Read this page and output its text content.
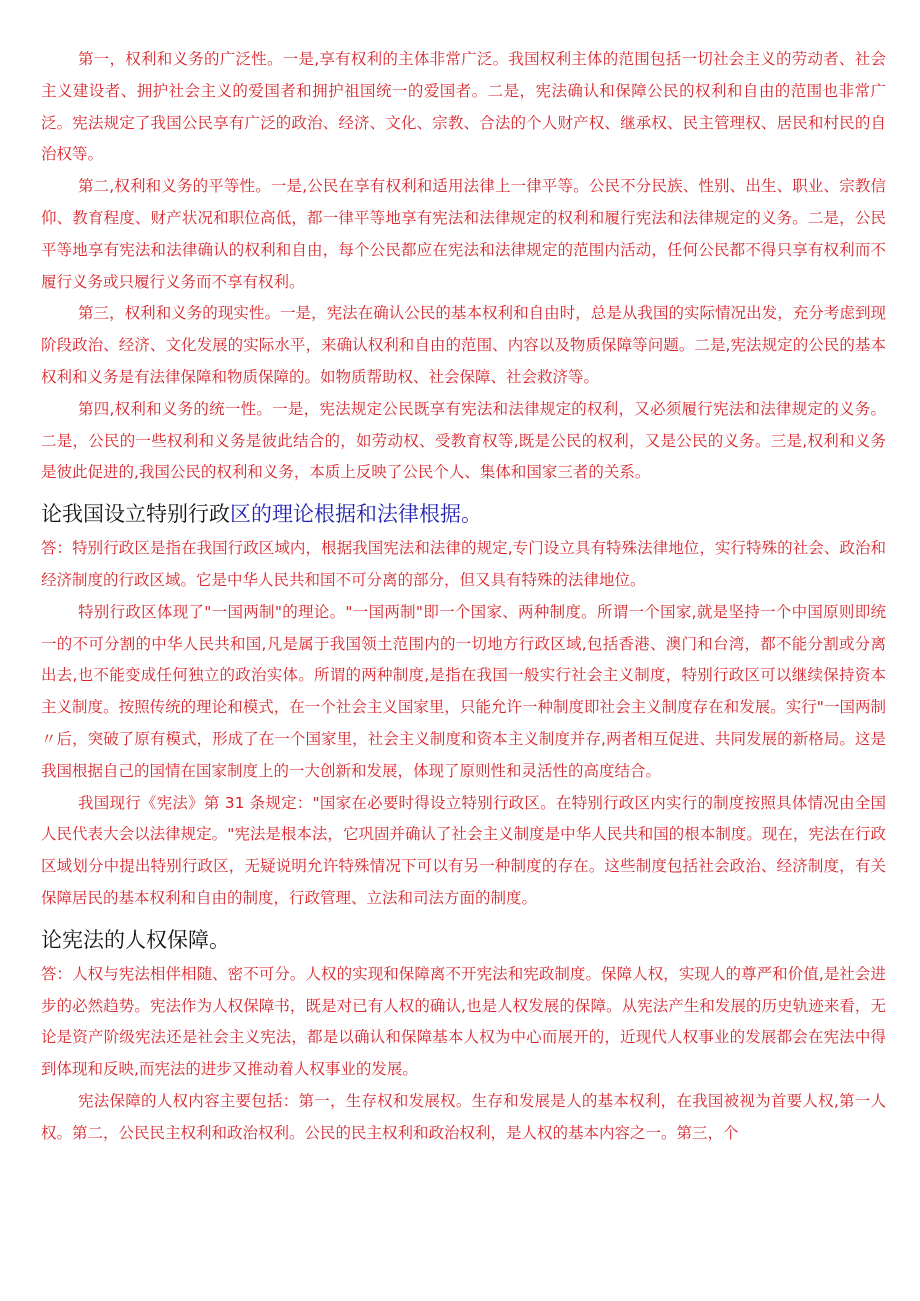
第一，权利和义务的广泛性。一是,享有权利的主体非常广泛。我国权利主体的范围包括一切社会主义的劳动者、社会主义建设者、拥护社会主义的爱国者和拥护祖国统一的爱国者。二是，宪法确认和保障公民的权利和自由的范围也非常广泛。宪法规定了我国公民享有广泛的政治、经济、文化、宗教、合法的个人财产权、继承权、民主管理权、居民和村民的自治权等。

第二,权利和义务的平等性。一是,公民在享有权利和适用法律上一律平等。公民不分民族、性别、出生、职业、宗教信仰、教育程度、财产状况和职位高低，都一律平等地享有宪法和法律规定的权利和履行宪法和法律规定的义务。二是，公民平等地享有宪法和法律确认的权利和自由，每个公民都应在宪法和法律规定的范围内活动，任何公民都不得只享有权利而不履行义务或只履行义务而不享有权利。

第三，权利和义务的现实性。一是，宪法在确认公民的基本权利和自由时，总是从我国的实际情况出发，充分考虑到现阶段政治、经济、文化发展的实际水平，来确认权利和自由的范围、内容以及物质保障等问题。二是,宪法规定的公民的基本权利和义务是有法律保障和物质保障的。如物质帮助权、社会保障、社会救济等。

第四,权利和义务的统一性。一是，宪法规定公民既享有宪法和法律规定的权利，又必须履行宪法和法律规定的义务。二是，公民的一些权利和义务是彼此结合的，如劳动权、受教育权等,既是公民的权利，又是公民的义务。三是,权利和义务是彼此促进的,我国公民的权利和义务，本质上反映了公民个人、集体和国家三者的关系。

论我国设立特别行政区的理论根据和法律根据。

答：特别行政区是指在我国行政区域内，根据我国宪法和法律的规定,专门设立具有特殊法律地位，实行特殊的社会、政治和经济制度的行政区域。它是中华人民共和国不可分离的部分，但又具有特殊的法律地位。

特别行政区体现了"一国两制"的理论。"一国两制"即一个国家、两种制度。所谓一个国家,就是坚持一个中国原则即统一的不可分割的中华人民共和国,凡是属于我国领土范围内的一切地方行政区域,包括香港、澳门和台湾，都不能分割或分离出去,也不能变成任何独立的政治实体。所谓的两种制度,是指在我国一般实行社会主义制度，特别行政区可以继续保持资本主义制度。按照传统的理论和模式，在一个社会主义国家里，只能允许一种制度即社会主义制度存在和发展。实行"一国两制〃后，突破了原有模式，形成了在一个国家里，社会主义制度和资本主义制度并存,两者相互促进、共同发展的新格局。这是我国根据自己的国情在国家制度上的一大创新和发展，体现了原则性和灵活性的高度结合。

我国现行《宪法》第 31 条规定："国家在必要时得设立特别行政区。在特别行政区内实行的制度按照具体情况由全国人民代表大会以法律规定。"宪法是根本法，它巩固并确认了社会主义制度是中华人民共和国的根本制度。现在，宪法在行政区域划分中提出特别行政区，无疑说明允许特殊情况下可以有另一种制度的存在。这些制度包括社会政治、经济制度，有关保障居民的基本权利和自由的制度，行政管理、立法和司法方面的制度。

论宪法的人权保障。

答：人权与宪法相伴相随、密不可分。人权的实现和保障离不开宪法和宪政制度。保障人权，实现人的尊严和价值,是社会进步的必然趋势。宪法作为人权保障书，既是对已有人权的确认,也是人权发展的保障。从宪法产生和发展的历史轨迹来看，无论是资产阶级宪法还是社会主义宪法，都是以确认和保障基本人权为中心而展开的，近现代人权事业的发展都会在宪法中得到体现和反映,而宪法的进步又推动着人权事业的发展。

宪法保障的人权内容主要包括：第一，生存权和发展权。生存和发展是人的基本权利，在我国被视为首要人权,第一人权。第二，公民民主权利和政治权利。公民的民主权利和政治权利，是人权的基本内容之一。第三，个
